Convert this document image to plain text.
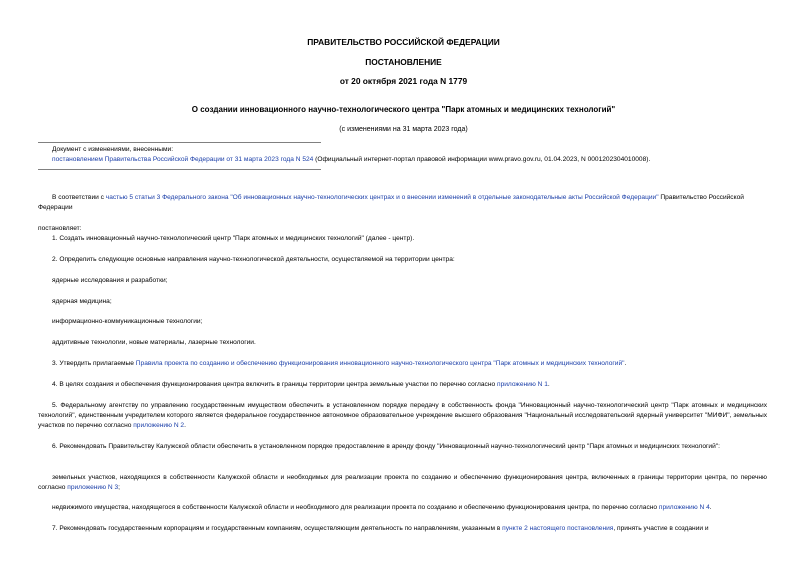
ПРАВИТЕЛЬСТВО РОССИЙСКОЙ ФЕДЕРАЦИИ
ПОСТАНОВЛЕНИЕ
от 20 октября 2021 года N 1779
О создании инновационного научно-технологического центра "Парк атомных и медицинских технологий"
(с изменениями на 31 марта 2023 года)
Документ с изменениями, внесенными:
постановлением Правительства Российской Федерации от 31 марта 2023 года N 524 (Официальный интернет-портал правовой информации www.pravo.gov.ru, 01.04.2023, N 0001202304010008).
В соответствии с частью 5 статьи 3 Федерального закона "Об инновационных научно-технологических центрах и о внесении изменений в отдельные законодательные акты Российской Федерации" Правительство Российской Федерации
постановляет:
1. Создать инновационный научно-технологический центр "Парк атомных и медицинских технологий" (далее - центр).
2. Определить следующие основные направления научно-технологической деятельности, осуществляемой на территории центра:
ядерные исследования и разработки;
ядерная медицина;
информационно-коммуникационные технологии;
аддитивные технологии, новые материалы, лазерные технологии.
3. Утвердить прилагаемые Правила проекта по созданию и обеспечению функционирования инновационного научно-технологического центра "Парк атомных и медицинских технологий".
4. В целях создания и обеспечения функционирования центра включить в границы территории центра земельные участки по перечню согласно приложению N 1.
5. Федеральному агентству по управлению государственным имуществом обеспечить в установленном порядке передачу в собственность фонда "Инновационный научно-технологический центр "Парк атомных и медицинских технологий", единственным учредителем которого является федеральное государственное автономное образовательное учреждение высшего образования "Национальный исследовательский ядерный университет "МИФИ", земельных участков по перечню согласно приложению N 2.
6. Рекомендовать Правительству Калужской области обеспечить в установленном порядке предоставление в аренду фонду "Инновационный научно-технологический центр "Парк атомных и медицинских технологий":
земельных участков, находящихся в собственности Калужской области и необходимых для реализации проекта по созданию и обеспечению функционирования центра, включенных в границы территории центра, по перечню согласно приложению N 3;
недвижимого имущества, находящегося в собственности Калужской области и необходимого для реализации проекта по созданию и обеспечению функционирования центра, по перечню согласно приложению N 4.
7. Рекомендовать государственным корпорациям и государственным компаниям, осуществляющим деятельность по направлениям, указанным в пункте 2 настоящего постановления, принять участие в создании и
